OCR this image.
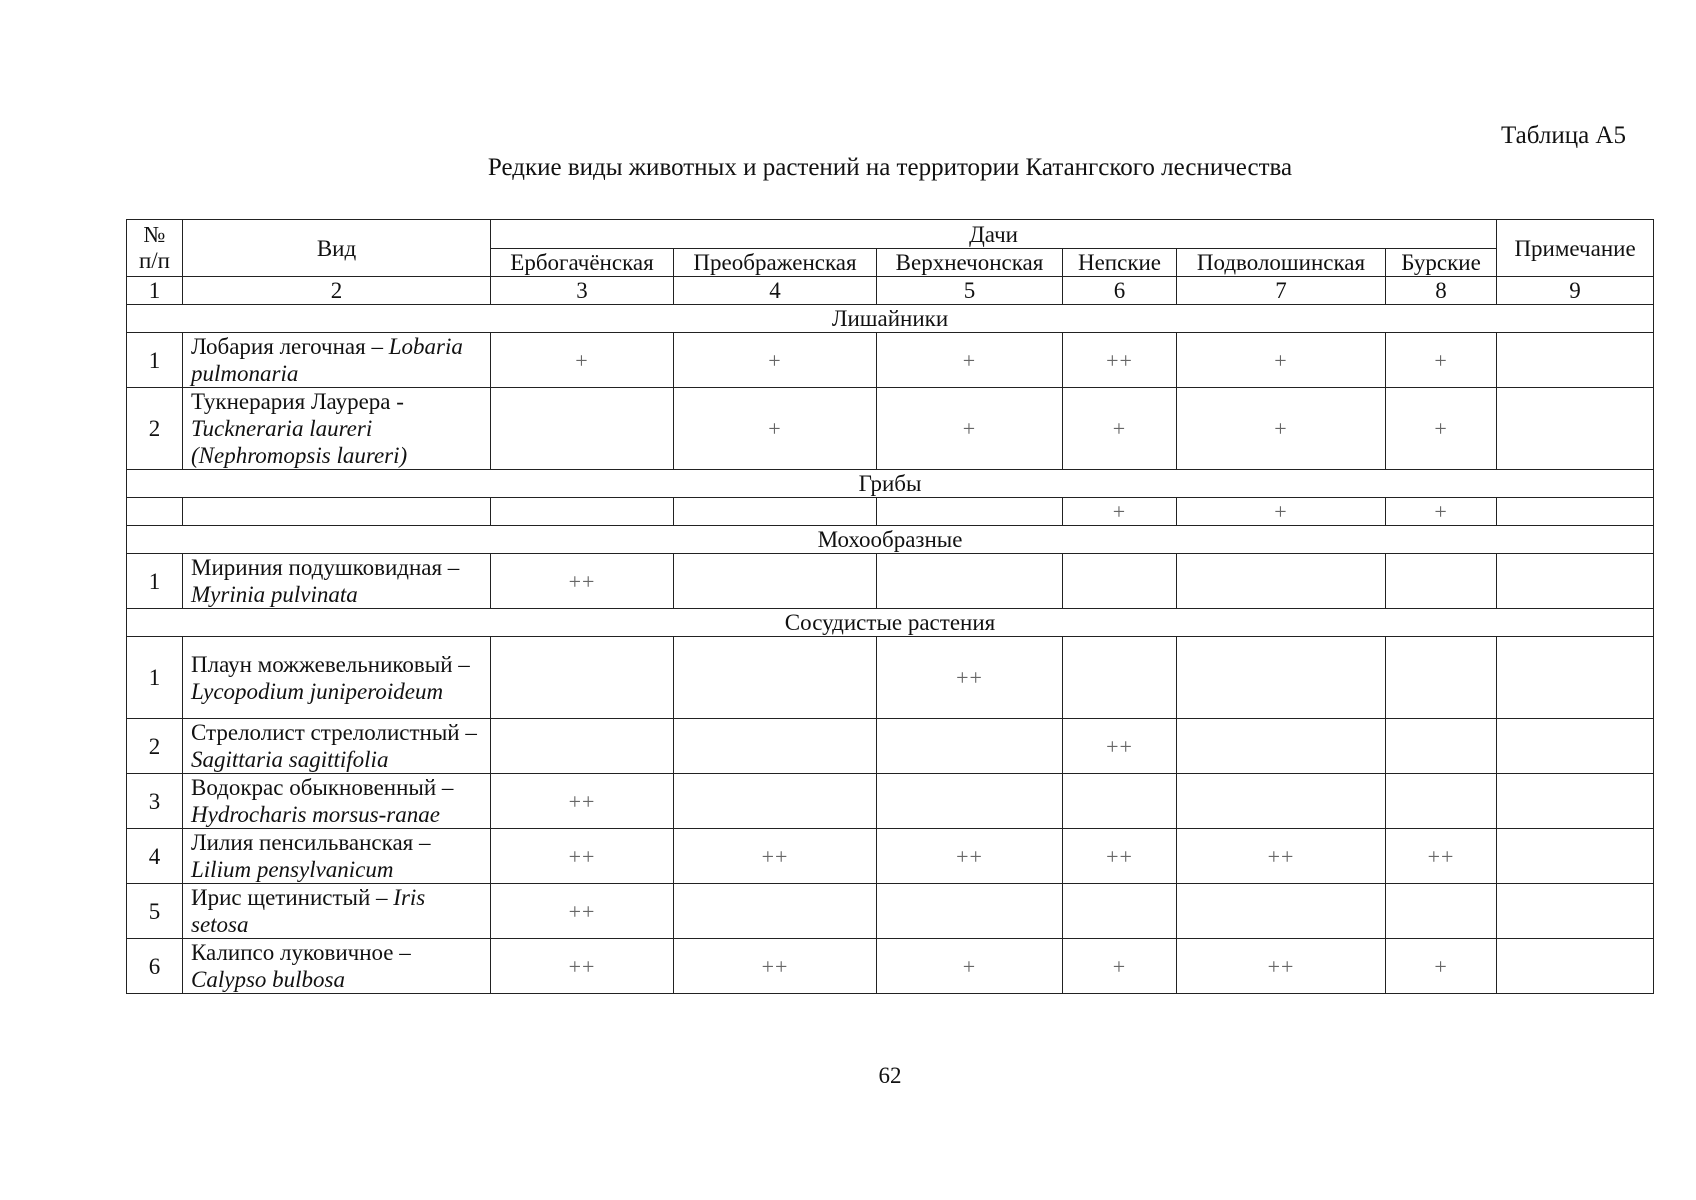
Таблица А5
Редкие виды животных и растений на территории Катангского лесничества
№
п/п	Вид	Дачи						Примечание
		Ербогачёнская	Преображенская	Верхнечонская	Непские	Подволошинская	Бурские	
1	2	3	4	5	6	7	8	9
Лишайники								
1	Лобария легочная – Lobaria pulmonaria	+	+	+	++	+	+	
2	Тукнерария Лаурера - Tuckneraria laureri (Nephromopsis laureri)		+	+	+	+	+	
Грибы								
					+	+	+	
Мохообразные								
1	Мириния подушковидная – Myrinia pulvinata	++						
Сосудистые растения								
1	Плаун можжевельниковый – Lycopodium juniperoideum			++				
2	Стрелолист стрелолистный – Sagittaria sagittifolia				++			
3	Водокрас обыкновенный – Hydrocharis morsus-ranae	++						
4	Лилия пенсильванская – Lilium pensylvanicum	++	++	++	++	++	++	
5	Ирис щетинистый – Iris setosa	++						
6	Калипсо луковичное – Calypso bulbosa	++	++	+	+	++	+	
62
